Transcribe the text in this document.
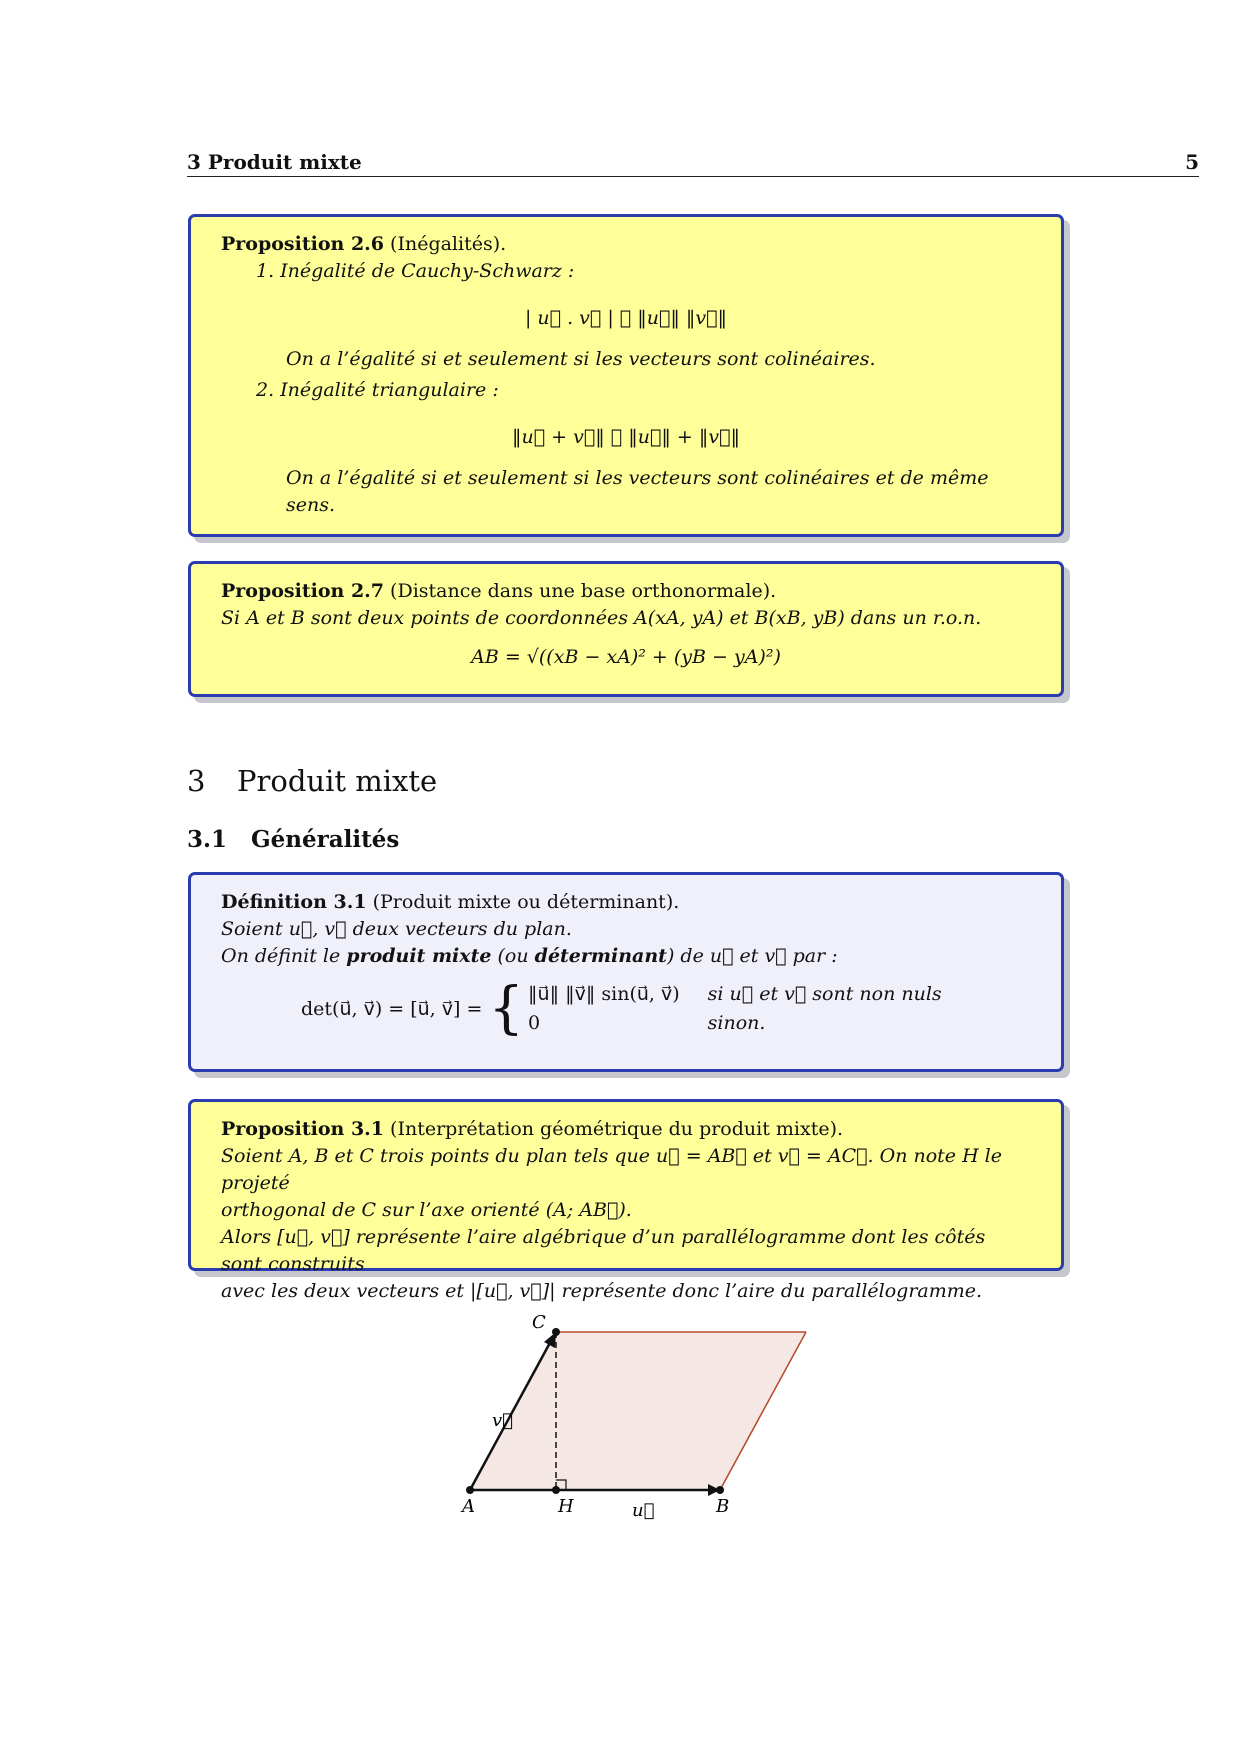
3 Produit mixte	5
Proposition 2.6 (Inégalités).
1. Inégalité de Cauchy-Schwarz :
| u⃗ . v⃗ | ⩽ ‖u⃗‖ ‖v⃗‖
On a l’égalité si et seulement si les vecteurs sont colinéaires.
2. Inégalité triangulaire :
‖u⃗ + v⃗‖ ⩽ ‖u⃗‖ + ‖v⃗‖
On a l’égalité si et seulement si les vecteurs sont colinéaires et de même sens.
Proposition 2.7 (Distance dans une base orthonormale).
Si A et B sont deux points de coordonnées A(xA, yA) et B(xB, yB) dans un r.o.n.
AB = √((xB − xA)² + (yB − yA)²)
3 Produit mixte
3.1 Généralités
Définition 3.1 (Produit mixte ou déterminant).
Soient u⃗, v⃗ deux vecteurs du plan.
On définit le produit mixte (ou déterminant) de u⃗ et v⃗ par :
det(u⃗, v⃗) = [u⃗, v⃗] = { ‖u⃗‖ ‖v⃗‖ sin(u⃗, v⃗)	si u⃗ et v⃗ sont non nuls
0	sinon.
Proposition 3.1 (Interprétation géométrique du produit mixte).
Soient A, B et C trois points du plan tels que u⃗ = AB⃗ et v⃗ = AC⃗. On note H le projeté
orthogonal de C sur l’axe orienté (A; AB⃗).
Alors [u⃗, v⃗] représente l’aire algébrique d’un parallélogramme dont les côtés sont construits
avec les deux vecteurs et |[u⃗, v⃗]| représente donc l’aire du parallélogramme.
A	H	B
C
u⃗
v⃗
